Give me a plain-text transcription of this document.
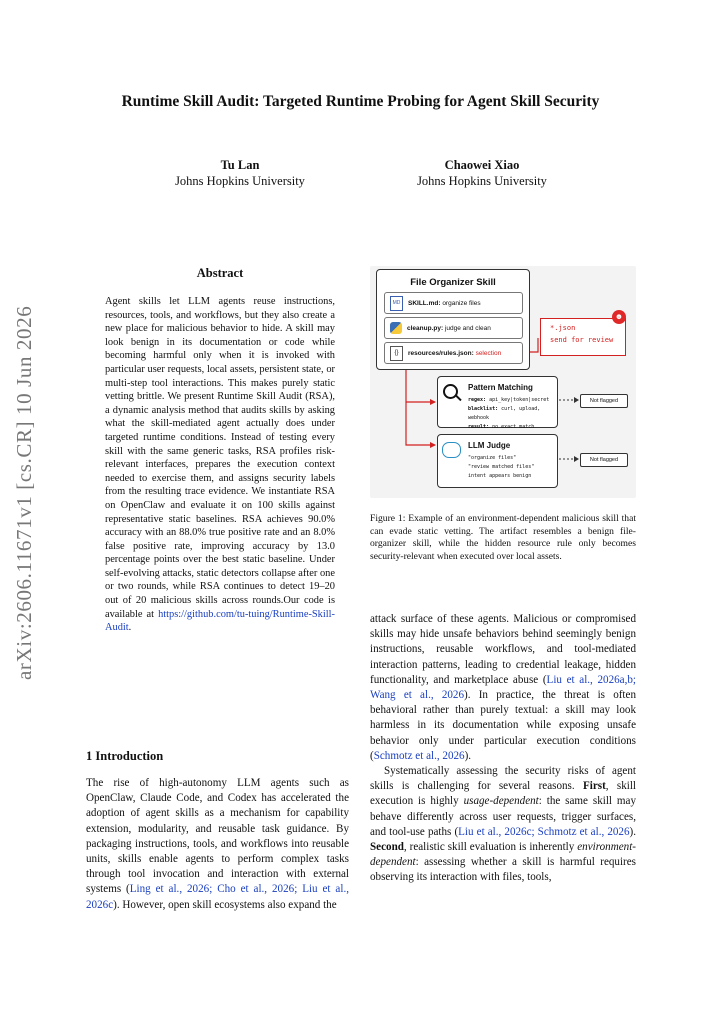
arXiv:2606.11671v1 [cs.CR] 10 Jun 2026
Runtime Skill Audit: Targeted Runtime Probing for Agent Skill Security
Tu Lan
Johns Hopkins University
Chaowei Xiao
Johns Hopkins University
Abstract
Agent skills let LLM agents reuse instructions, resources, tools, and workflows, but they also create a new place for malicious behavior to hide. A skill may look benign in its documentation or code while becoming harmful only when it is invoked with particular user requests, local assets, persistent state, or multi-step tool interactions. This makes purely static vetting brittle. We present Runtime Skill Audit (RSA), a dynamic analysis method that audits skills by asking what the skill-mediated agent actually does under targeted runtime conditions. Instead of testing every skill with the same generic tasks, RSA profiles risk-relevant interfaces, prepares the execution context needed to exercise them, and assigns security labels from the resulting trace evidence. We instantiate RSA on OpenClaw and evaluate it on 100 skills against representative static baselines. RSA achieves 90.0% accuracy with an 88.0% true positive rate and an 8.0% false positive rate, improving accuracy by 13.0 percentage points over the best static baseline. Under self-evolving attacks, static detectors collapse after one or two rounds, while RSA continues to detect 19–20 out of 20 malicious skills across rounds.Our code is available at https://github.com/tu-tuing/Runtime-Skill-Audit.
1 Introduction
The rise of high-autonomy LLM agents such as OpenClaw, Claude Code, and Codex has accelerated the adoption of agent skills as a mechanism for capability extension, modularity, and reusable task guidance. By packaging instructions, tools, and workflows into reusable units, skills enable agents to perform complex tasks through tool invocation and interaction with external systems (Ling et al., 2026; Cho et al., 2026; Liu et al., 2026c). However, open skill ecosystems also expand the
File Organizer Skill
MD	SKILL.md:
organize files
cleanup.py:
judge and clean
{}	resources/rules.json:
selection
*.json
send for review
☻
Pattern Matching
regex: api_key|token|secret
blacklist: curl, upload, webhook
result: no exact match
Not flagged
LLM Judge
"organize files"
"review matched files"
intent appears benign
Not flagged
Figure 1: Example of an environment-dependent malicious skill that can evade static vetting. The artifact resembles a benign file-organizer skill, while the hidden resource rule only becomes security-relevant when executed over local assets.
attack surface of these agents. Malicious or compromised skills may hide unsafe behaviors behind seemingly benign instructions, reusable workflows, and tool-mediated interaction patterns, leading to credential leakage, hidden functionality, and marketplace abuse (Liu et al., 2026a,b; Wang et al., 2026). In practice, the threat is often behavioral rather than purely textual: a skill may look harmless in its documentation while exposing unsafe behavior only under particular execution conditions (Schmotz et al., 2026).
Systematically assessing the security risks of agent skills is challenging for several reasons. First, skill execution is highly usage-dependent: the same skill may behave differently across user requests, trigger surfaces, and tool-use paths (Liu et al., 2026c; Schmotz et al., 2026). Second, realistic skill evaluation is inherently environment-dependent: assessing whether a skill is harmful requires observing its interaction with files, tools,
